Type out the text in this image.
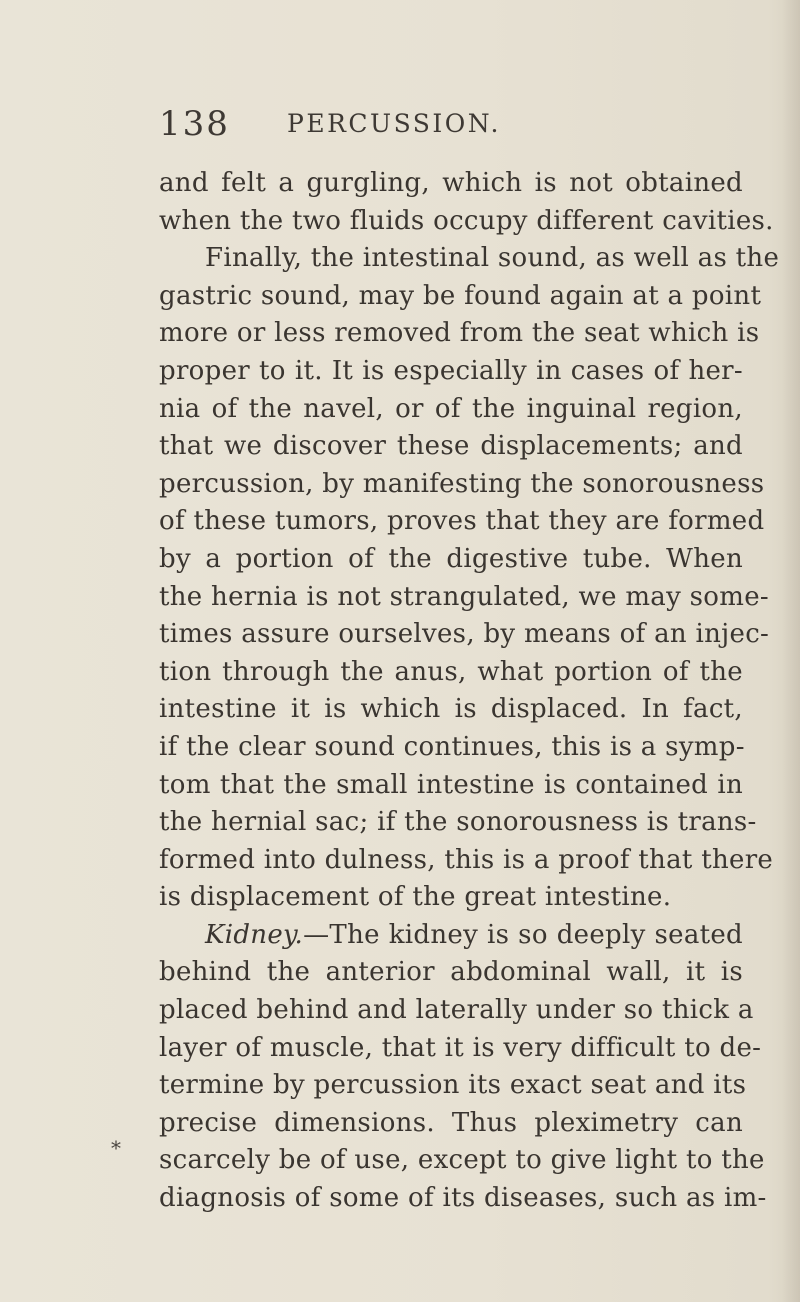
138 PERCUSSION.
and felt a gurgling, which is not obtained
when the two fluids occupy different cavities.
Finally, the intestinal sound, as well as the
gastric sound, may be found again at a point
more or less removed from the seat which is
proper to it. It is especially in cases of her-
nia of the navel, or of the inguinal region,
that we discover these displacements; and
percussion, by manifesting the sonorousness
of these tumors, proves that they are formed
by a portion of the digestive tube. When
the hernia is not strangulated, we may some-
times assure ourselves, by means of an injec-
tion through the anus, what portion of the
intestine it is which is displaced. In fact,
if the clear sound continues, this is a symp-
tom that the small intestine is contained in
the hernial sac; if the sonorousness is trans-
formed into dulness, this is a proof that there
is displacement of the great intestine.
Kidney.—The kidney is so deeply seated
behind the anterior abdominal wall, it is
placed behind and laterally under so thick a
layer of muscle, that it is very difficult to de-
termine by percussion its exact seat and its
precise dimensions. Thus pleximetry can
scarcely be of use, except to give light to the
diagnosis of some of its diseases, such as im-
*
